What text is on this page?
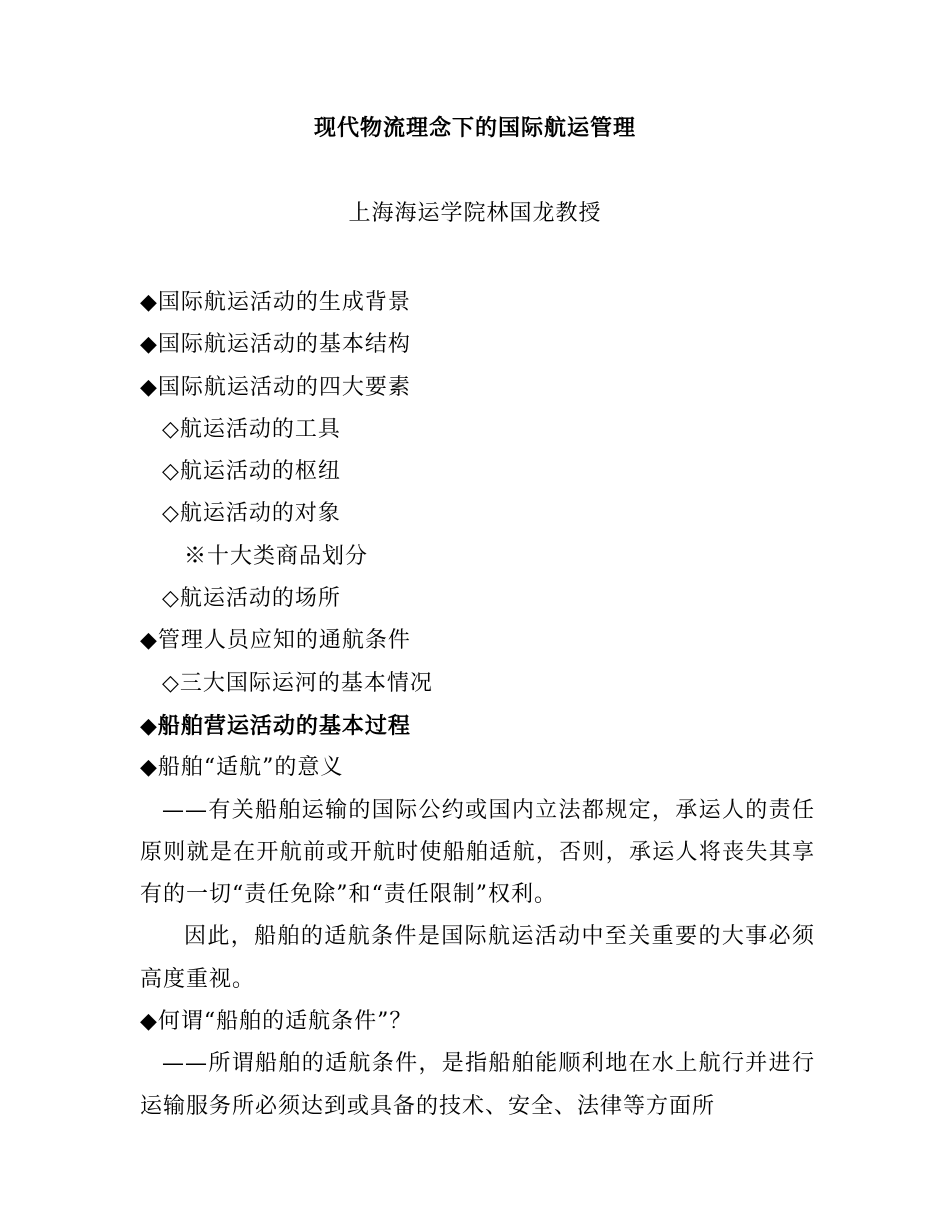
现代物流理念下的国际航运管理
上海海运学院林国龙教授
◆国际航运活动的生成背景
◆国际航运活动的基本结构
◆国际航运活动的四大要素
◇航运活动的工具
◇航运活动的枢纽
◇航运活动的对象
※十大类商品划分
◇航运活动的场所
◆管理人员应知的通航条件
◇三大国际运河的基本情况
◆船舶营运活动的基本过程
◆船舶“适航”的意义
——有关船舶运输的国际公约或国内立法都规定，承运人的责任原则就是在开航前或开航时使船舶适航，否则，承运人将丧失其享有的一切“责任免除”和“责任限制”权利。
因此，船舶的适航条件是国际航运活动中至关重要的大事必须高度重视。
◆何谓“船舶的适航条件”？
——所谓船舶的适航条件，是指船舶能顺利地在水上航行并进行运输服务所必须达到或具备的技术、安全、法律等方面所
